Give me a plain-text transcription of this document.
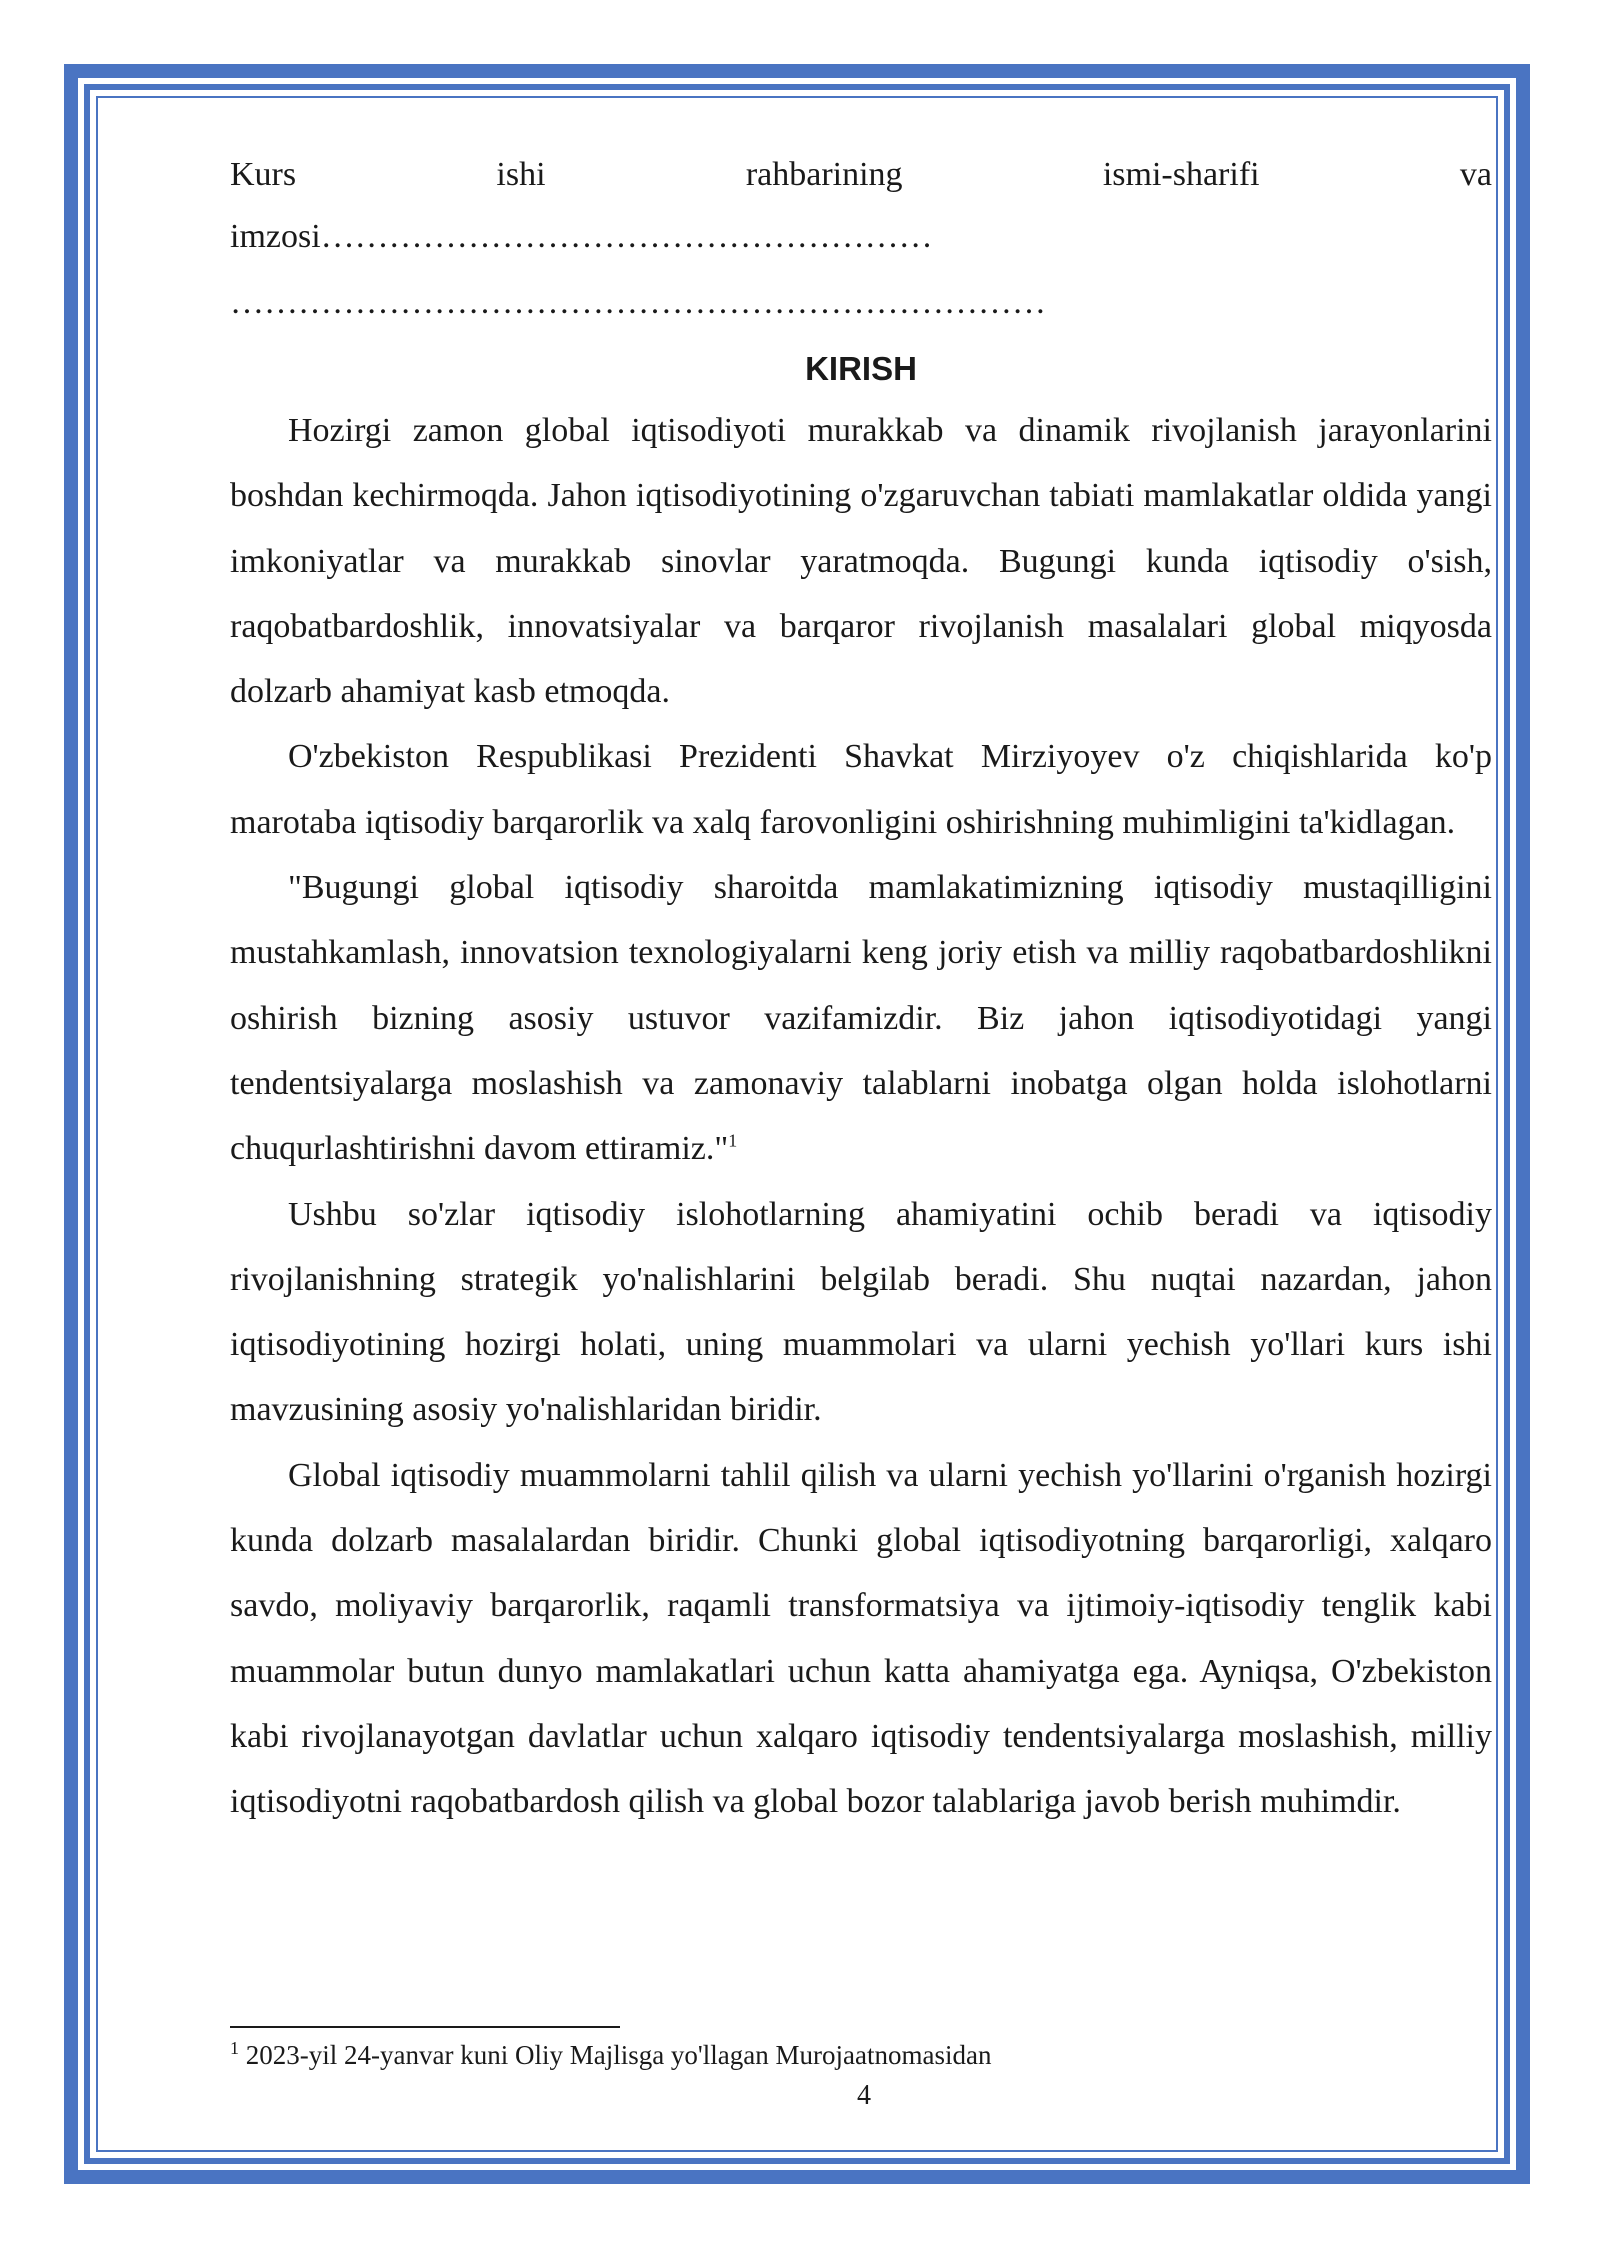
Kurs	ishi	rahbarining	ismi-sharifi	va
imzosi………………………………………………
………………………………………………………………
KIRISH

Hozirgi zamon global iqtisodiyoti murakkab va dinamik rivojlanish jarayonlarini boshdan kechirmoqda. Jahon iqtisodiyotining o'zgaruvchan tabiati mamlakatlar oldida yangi imkoniyatlar va murakkab sinovlar yaratmoqda. Bugungi kunda iqtisodiy o'sish, raqobatbardoshlik, innovatsiyalar va barqaror rivojlanish masalalari global miqyosda dolzarb ahamiyat kasb etmoqda.

O'zbekiston Respublikasi Prezidenti Shavkat Mirziyoyev o'z chiqishlarida ko'p marotaba iqtisodiy barqarorlik va xalq farovonligini oshirishning muhimligini ta'kidlagan.

"Bugungi global iqtisodiy sharoitda mamlakatimizning iqtisodiy mustaqilligini mustahkamlash, innovatsion texnologiyalarni keng joriy etish va milliy raqobatbardoshlikni oshirish bizning asosiy ustuvor vazifamizdir. Biz jahon iqtisodiyotidagi yangi tendentsiyalarga moslashish va zamonaviy talablarni inobatga olgan holda islohotlarni chuqurlashtirishni davom ettiramiz."$^1$

Ushbu so'zlar iqtisodiy islohotlarning ahamiyatini ochib beradi va iqtisodiy rivojlanishning strategik yo'nalishlarini belgilab beradi. Shu nuqtai nazardan, jahon iqtisodiyotining hozirgi holati, uning muammolari va ularni yechish yo'llari kurs ishi mavzusining asosiy yo'nalishlaridan biridir.

Global iqtisodiy muammolarni tahlil qilish va ularni yechish yo'llarini o'rganish hozirgi kunda dolzarb masalalardan biridir. Chunki global iqtisodiyotning barqarorligi, xalqaro savdo, moliyaviy barqarorlik, raqamli transformatsiya va ijtimoiy-iqtisodiy tenglik kabi muammolar butun dunyo mamlakatlari uchun katta ahamiyatga ega. Ayniqsa, O'zbekiston kabi rivojlanayotgan davlatlar uchun xalqaro iqtisodiy tendentsiyalarga moslashish, milliy iqtisodiyotni raqobatbardosh qilish va global bozor talablariga javob berish muhimdir.

$^1$ 2023-yil 24-yanvar kuni Oliy Majlisga yo'llagan Murojaatnomasidan
4
